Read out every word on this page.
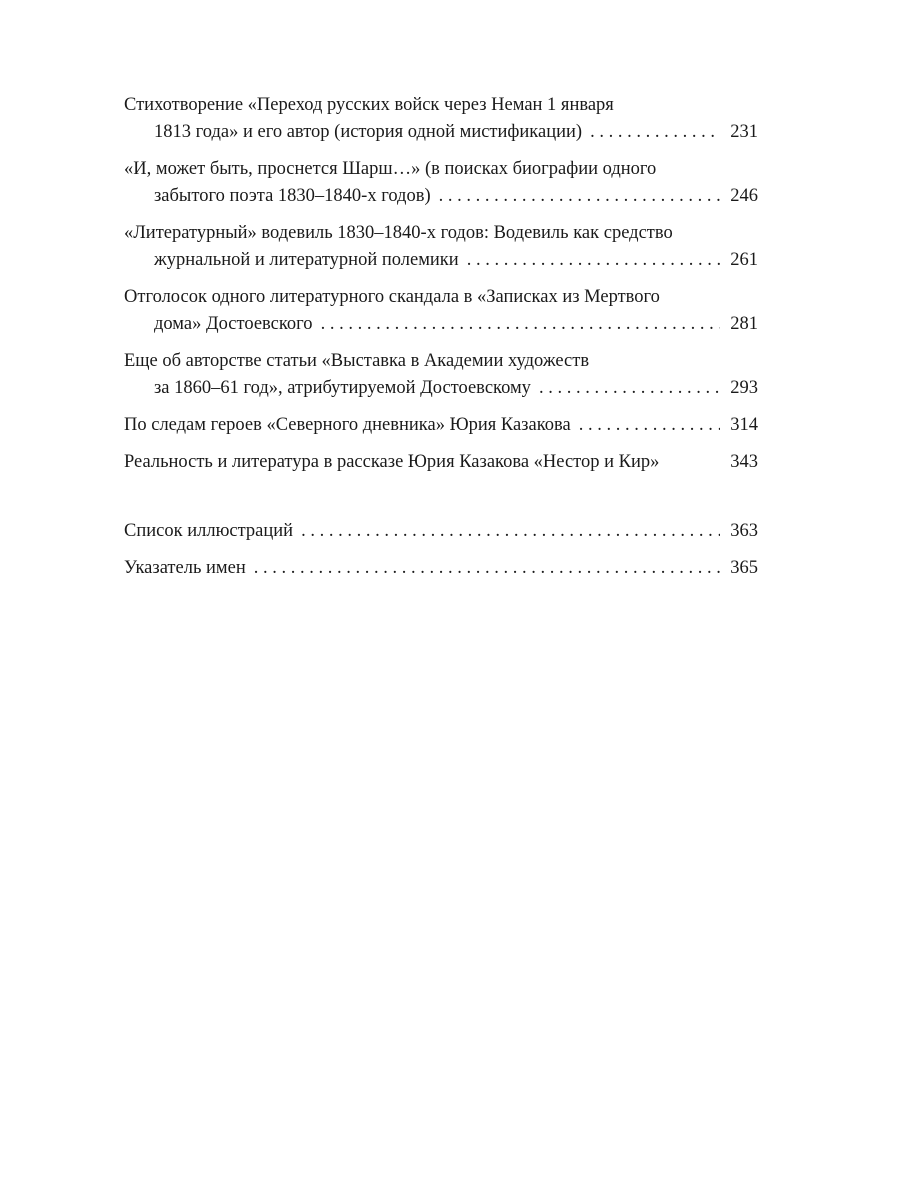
Стихотворение «Переход русских войск через Неман 1 января
1813 года» и его автор (история одной мистификации) . . .	231
«И, может быть, проснется Шарш…» (в поисках биографии одного
забытого поэта 1830–1840-х годов) . . .	246
«Литературный» водевиль 1830–1840-х годов: Водевиль как средство
журнальной и литературной полемики . . .	261
Отголосок одного литературного скандала в «Записках из Мертвого
дома» Достоевского . . .	281
Еще об авторстве статьи «Выставка в Академии художеств
за 1860–61 год», атрибутируемой Достоевскому . . .	293
По следам героев «Северного дневника» Юрия Казакова . . .	314
Реальность и литература в рассказе Юрия Казакова «Нестор и Кир»	343
Список иллюстраций . . .	363
Указатель имен . . .	365
